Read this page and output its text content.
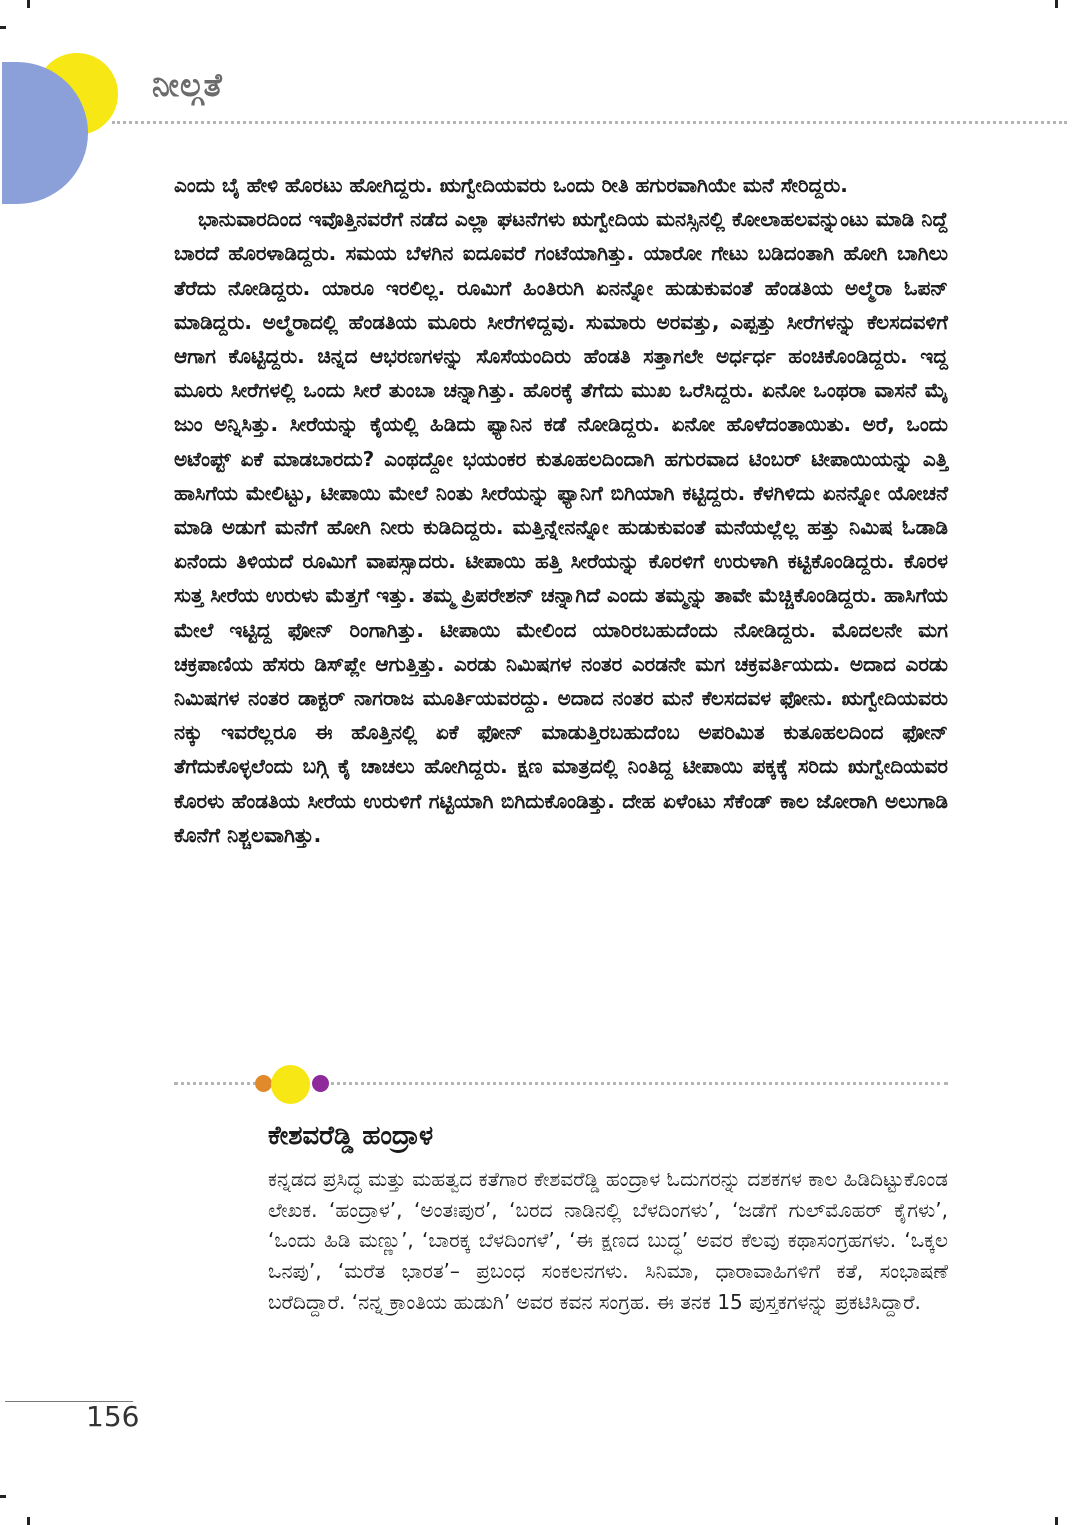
ನೀಲ್ಗತೆ

ಎಂದು ಬೈ ಹೇಳಿ ಹೊರಟು ಹೋಗಿದ್ದರು. ಋಗ್ವೇದಿಯವರು ಒಂದು ರೀತಿ ಹಗುರವಾಗಿಯೇ ಮನೆ ಸೇರಿದ್ದರು.

ಭಾನುವಾರದಿಂದ ಇವೊತ್ತಿನವರೆಗೆ ನಡೆದ ಎಲ್ಲಾ ಘಟನೆಗಳು ಋಗ್ವೇದಿಯ ಮನಸ್ಸಿನಲ್ಲಿ ಕೋಲಾಹಲವನ್ನುಂಟು ಮಾಡಿ ನಿದ್ದೆ ಬಾರದೆ ಹೊರಳಾಡಿದ್ದರು. ಸಮಯ ಬೆಳಗಿನ ಐದೂವರೆ ಗಂಟೆಯಾಗಿತ್ತು. ಯಾರೋ ಗೇಟು ಬಡಿದಂತಾಗಿ ಹೋಗಿ ಬಾಗಿಲು ತೆರೆದು ನೋಡಿದ್ದರು. ಯಾರೂ ಇರಲಿಲ್ಲ. ರೂಮಿಗೆ ಹಿಂತಿರುಗಿ ಏನನ್ನೋ ಹುಡುಕುವಂತೆ ಹೆಂಡತಿಯ ಅಲ್ಮೆರಾ ಓಪನ್ ಮಾಡಿದ್ದರು. ಅಲ್ಮೆರಾದಲ್ಲಿ ಹೆಂಡತಿಯ ಮೂರು ಸೀರೆಗಳಿದ್ದವು. ಸುಮಾರು ಅರವತ್ತು, ಎಪ್ಪತ್ತು ಸೀರೆಗಳನ್ನು ಕೆಲಸದವಳಿಗೆ ಆಗಾಗ ಕೊಟ್ಟಿದ್ದರು. ಚಿನ್ನದ ಆಭರಣಗಳನ್ನು ಸೊಸೆಯಂದಿರು ಹೆಂಡತಿ ಸತ್ತಾಗಲೇ ಅರ್ಧರ್ಧ ಹಂಚಿಕೊಂಡಿದ್ದರು. ಇದ್ದ ಮೂರು ಸೀರೆಗಳಲ್ಲಿ ಒಂದು ಸೀರೆ ತುಂಬಾ ಚನ್ನಾಗಿತ್ತು. ಹೊರಕ್ಕೆ ತೆಗೆದು ಮುಖ ಒರೆಸಿದ್ದರು. ಏನೋ ಒಂಥರಾ ವಾಸನೆ ಮೈ ಜುಂ ಅನ್ನಿಸಿತ್ತು. ಸೀರೆಯನ್ನು ಕೈಯಲ್ಲಿ ಹಿಡಿದು ಫ್ಯಾನಿನ ಕಡೆ ನೋಡಿದ್ದರು. ಏನೋ ಹೊಳೆದಂತಾಯಿತು. ಅರೆ, ಒಂದು ಅಟೆಂಪ್ಟ್ ಏಕೆ ಮಾಡಬಾರದು? ಎಂಥದ್ದೋ ಭಯಂಕರ ಕುತೂಹಲದಿಂದಾಗಿ ಹಗುರವಾದ ಟಿಂಬರ್ ಟೀಪಾಯಿಯನ್ನು ಎತ್ತಿ ಹಾಸಿಗೆಯ ಮೇಲಿಟ್ಟು, ಟೀಪಾಯಿ ಮೇಲೆ ನಿಂತು ಸೀರೆಯನ್ನು ಫ್ಯಾನಿಗೆ ಬಿಗಿಯಾಗಿ ಕಟ್ಟಿದ್ದರು. ಕೆಳಗಿಳಿದು ಏನನ್ನೋ ಯೋಚನೆ ಮಾಡಿ ಅಡುಗೆ ಮನೆಗೆ ಹೋಗಿ ನೀರು ಕುಡಿದಿದ್ದರು. ಮತ್ತಿನ್ನೇನನ್ನೋ ಹುಡುಕುವಂತೆ ಮನೆಯಲ್ಲೆಲ್ಲ ಹತ್ತು ನಿಮಿಷ ಓಡಾಡಿ ಏನೆಂದು ತಿಳಿಯದೆ ರೂಮಿಗೆ ವಾಪಸ್ಸಾದರು. ಟೀಪಾಯಿ ಹತ್ತಿ ಸೀರೆಯನ್ನು ಕೊರಳಿಗೆ ಉರುಳಾಗಿ ಕಟ್ಟಿಕೊಂಡಿದ್ದರು. ಕೊರಳ ಸುತ್ತ ಸೀರೆಯ ಉರುಳು ಮೆತ್ತಗೆ ಇತ್ತು. ತಮ್ಮ ಪ್ರಿಪರೇಶನ್ ಚನ್ನಾಗಿದೆ ಎಂದು ತಮ್ಮನ್ನು ತಾವೇ ಮೆಚ್ಚಿಕೊಂಡಿದ್ದರು. ಹಾಸಿಗೆಯ ಮೇಲೆ ಇಟ್ಟಿದ್ದ ಫೋನ್ ರಿಂಗಾಗಿತ್ತು. ಟೀಪಾಯಿ ಮೇಲಿಂದ ಯಾರಿರಬಹುದೆಂದು ನೋಡಿದ್ದರು. ಮೊದಲನೇ ಮಗ ಚಕ್ರಪಾಣಿಯ ಹೆಸರು ಡಿಸ್‌ಪ್ಲೇ ಆಗುತ್ತಿತ್ತು. ಎರಡು ನಿಮಿಷಗಳ ನಂತರ ಎರಡನೇ ಮಗ ಚಕ್ರವರ್ತಿಯದು. ಅದಾದ ಎರಡು ನಿಮಿಷಗಳ ನಂತರ ಡಾಕ್ಟರ್ ನಾಗರಾಜ ಮೂರ್ತಿಯವರದ್ದು. ಅದಾದ ನಂತರ ಮನೆ ಕೆಲಸದವಳ ಫೋನು. ಋಗ್ವೇದಿಯವರು ನಕ್ಕು ಇವರೆಲ್ಲರೂ ಈ ಹೊತ್ತಿನಲ್ಲಿ ಏಕೆ ಫೋನ್ ಮಾಡುತ್ತಿರಬಹುದೆಂಬ ಅಪರಿಮಿತ ಕುತೂಹಲದಿಂದ ಫೋನ್ ತೆಗೆದುಕೊಳ್ಳಲೆಂದು ಬಗ್ಗಿ ಕೈ ಚಾಚಲು ಹೋಗಿದ್ದರು. ಕ್ಷಣ ಮಾತ್ರದಲ್ಲಿ ನಿಂತಿದ್ದ ಟೀಪಾಯಿ ಪಕ್ಕಕ್ಕೆ ಸರಿದು ಋಗ್ವೇದಿಯವರ ಕೊರಳು ಹೆಂಡತಿಯ ಸೀರೆಯ ಉರುಳಿಗೆ ಗಟ್ಟಿಯಾಗಿ ಬಿಗಿದುಕೊಂಡಿತ್ತು. ದೇಹ ಏಳೆಂಟು ಸೆಕೆಂಡ್ ಕಾಲ ಜೋರಾಗಿ ಅಲುಗಾಡಿ ಕೊನೆಗೆ ನಿಶ್ಚಲವಾಗಿತ್ತು.

ಕೇಶವರೆಡ್ಡಿ ಹಂದ್ರಾಳ
ಕನ್ನಡದ ಪ್ರಸಿದ್ಧ ಮತ್ತು ಮಹತ್ವದ ಕತೆಗಾರ ಕೇಶವರೆಡ್ಡಿ ಹಂದ್ರಾಳ ಓದುಗರನ್ನು ದಶಕಗಳ ಕಾಲ ಹಿಡಿದಿಟ್ಟುಕೊಂಡ ಲೇಖಕ. ‘ಹಂದ್ರಾಳ’, ‘ಅಂತಃಪುರ’, ‘ಬರದ ನಾಡಿನಲ್ಲಿ ಬೆಳದಿಂಗಳು’, ‘ಜಡೆಗೆ ಗುಲ್‌ಮೊಹರ್ ಕೈಗಳು’, ‘ಒಂದು ಹಿಡಿ ಮಣ್ಣು’, ‘ಬಾರಕ್ಕ ಬೆಳದಿಂಗಳೆ’, ‘ಈ ಕ್ಷಣದ ಬುದ್ಧ’ ಅವರ ಕೆಲವು ಕಥಾಸಂಗ್ರಹಗಳು. ‘ಒಕ್ಕಲ ಒನಪು’, ‘ಮರೆತ ಭಾರತ’– ಪ್ರಬಂಧ ಸಂಕಲನಗಳು. ಸಿನಿಮಾ, ಧಾರಾವಾಹಿಗಳಿಗೆ ಕತೆ, ಸಂಭಾಷಣೆ ಬರೆದಿದ್ದಾರೆ. ‘ನನ್ನ ಕ್ರಾಂತಿಯ ಹುಡುಗಿ’ ಅವರ ಕವನ ಸಂಗ್ರಹ. ಈ ತನಕ 15 ಪುಸ್ತಕಗಳನ್ನು ಪ್ರಕಟಿಸಿದ್ದಾರೆ.
156
